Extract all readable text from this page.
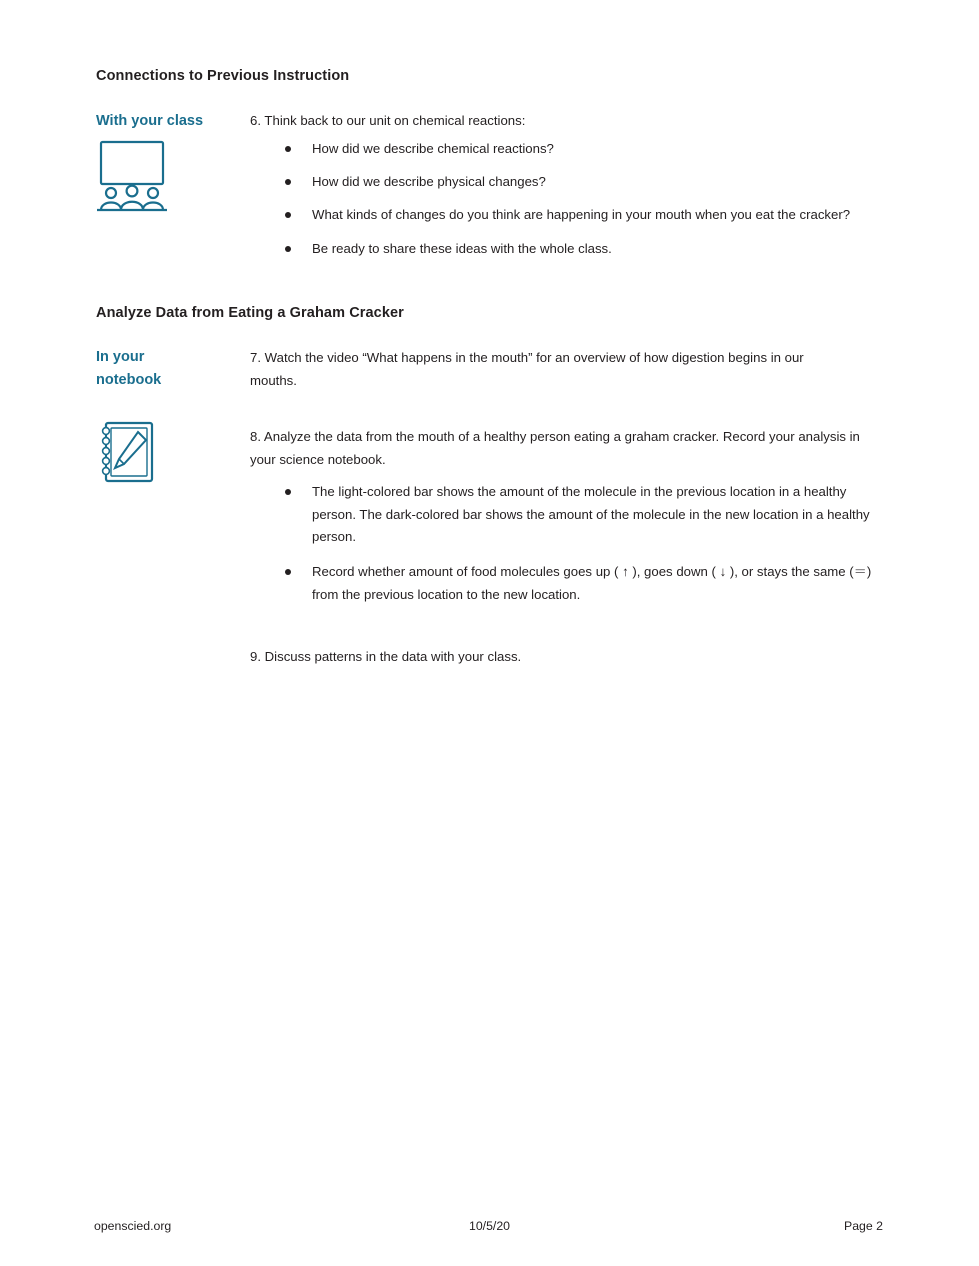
Connections to Previous Instruction
With your class	6. Think back to our unit on chemical reactions:
How did we describe chemical reactions?
How did we describe physical changes?
What kinds of changes do you think are happening in your mouth when you eat the cracker?
Be ready to share these ideas with the whole class.
Analyze Data from Eating a Graham Cracker
In your
notebook
7. Watch the video “What happens in the mouth” for an overview of how digestion begins in our mouths.
8. Analyze the data from the mouth of a healthy person eating a graham cracker. Record your analysis in your science notebook.
The light-colored bar shows the amount of the molecule in the previous location in a healthy person. The dark-colored bar shows the amount of the molecule in the new location in a healthy person.
Record whether amount of food molecules goes up ( ↑ ), goes down ( ↓ ), or stays the same (＝) from the previous location to the new location.
9. Discuss patterns in the data with your class.
openscied.org	10/5/20	Page 2
